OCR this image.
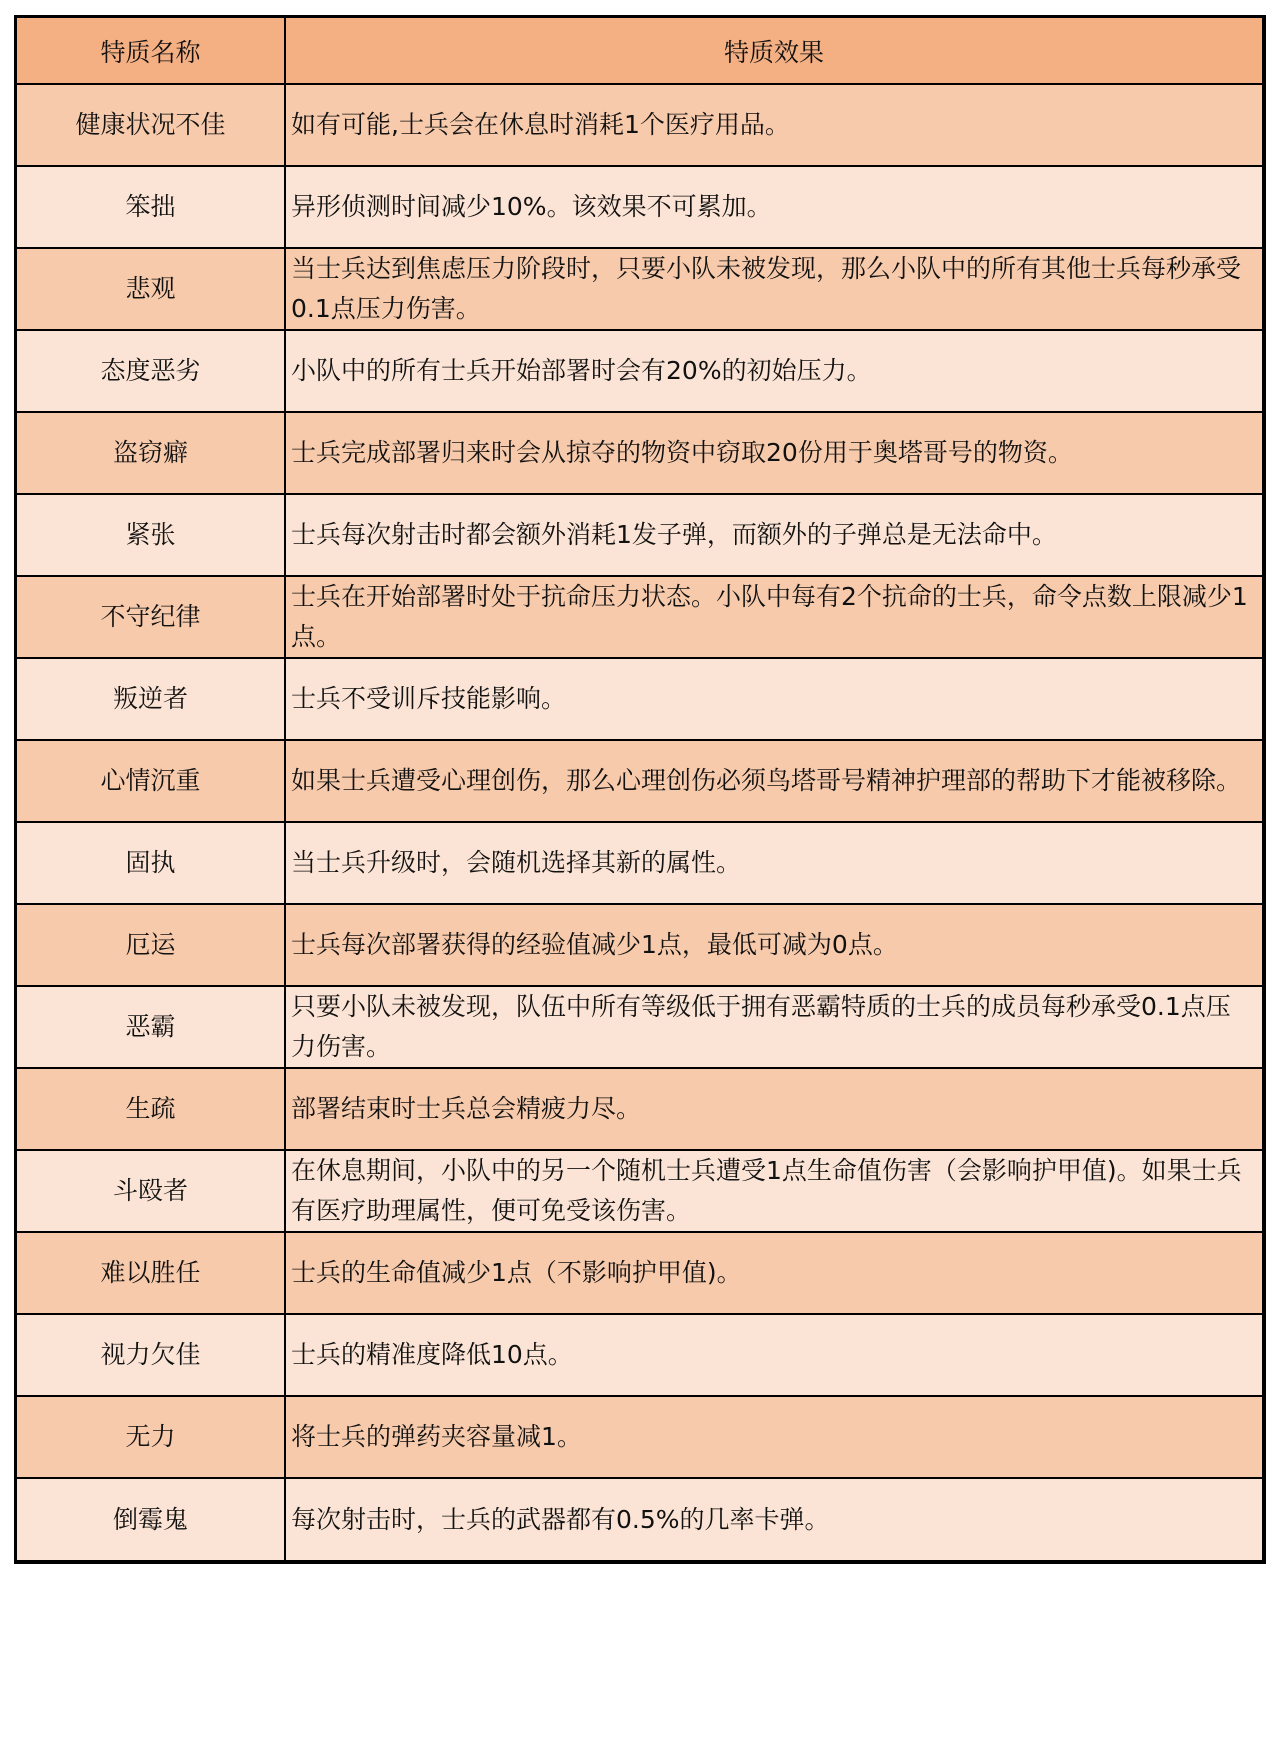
特质名称	特质效果
健康状况不佳	如有可能,士兵会在休息时消耗1个医疗用品。
笨拙	异形侦测时间减少10%。该效果不可累加。
悲观	当士兵达到焦虑压力阶段时，只要小队未被发现，那么小队中的所有其他士兵每秒承受0.1点压力伤害。
态度恶劣	小队中的所有士兵开始部署时会有20%的初始压力。
盗窃癖	士兵完成部署归来时会从掠夺的物资中窃取20份用于奥塔哥号的物资。
紧张	士兵每次射击时都会额外消耗1发子弹，而额外的子弹总是无法命中。
不守纪律	士兵在开始部署时处于抗命压力状态。小队中每有2个抗命的士兵，命令点数上限减少1点。
叛逆者	士兵不受训斥技能影响。
心情沉重	如果士兵遭受心理创伤，那么心理创伤必须鸟塔哥号精神护理部的帮助下才能被移除。
固执	当士兵升级时，会随机选择其新的属性。
厄运	士兵每次部署获得的经验值减少1点，最低可减为0点。
恶霸	只要小队未被发现，队伍中所有等级低于拥有恶霸特质的士兵的成员每秒承受0.1点压力伤害。
生疏	部署结束时士兵总会精疲力尽。
斗殴者	在休息期间，小队中的另一个随机士兵遭受1点生命值伤害（会影响护甲值)。如果士兵有医疗助理属性，便可免受该伤害。
难以胜任	士兵的生命值减少1点（不影响护甲值)。
视力欠佳	士兵的精准度降低10点。
无力	将士兵的弹药夹容量减1。
倒霉鬼	每次射击时，士兵的武器都有0.5%的几率卡弹。
